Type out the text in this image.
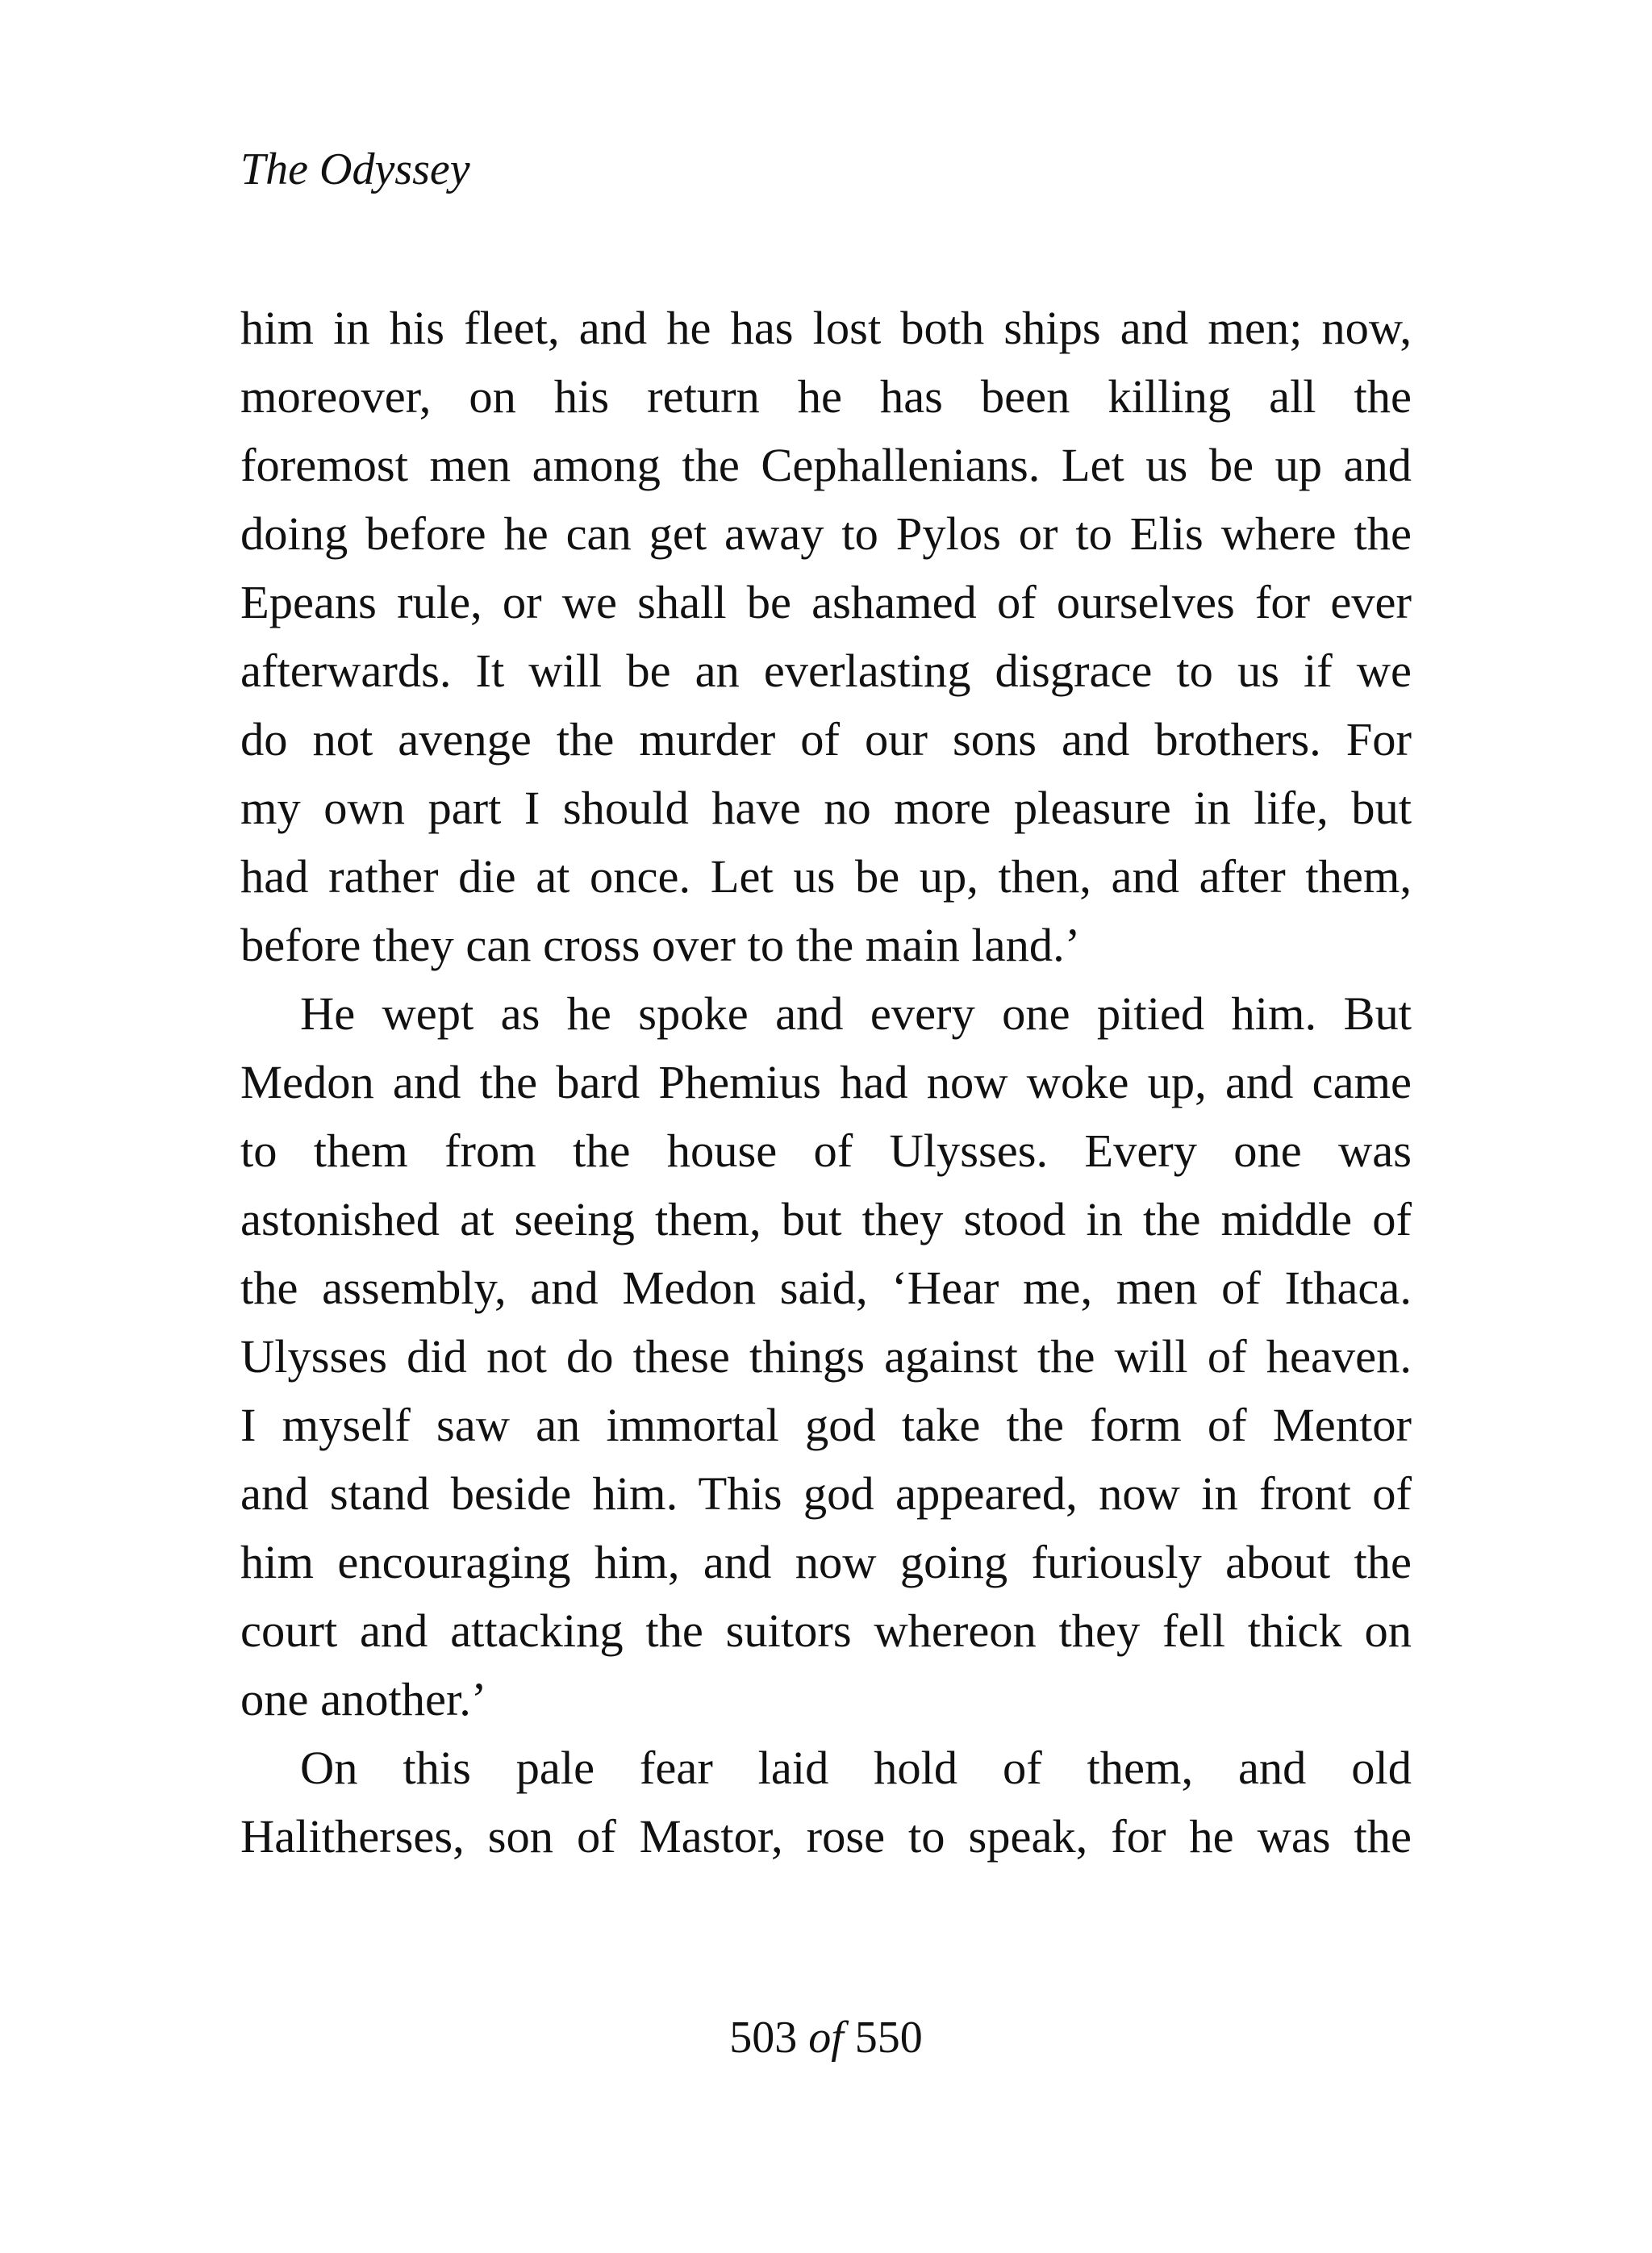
The Odyssey
him in his fleet, and he has lost both ships and men; now,
moreover, on his return he has been killing all the
foremost men among the Cephallenians. Let us be up and
doing before he can get away to Pylos or to Elis where the
Epeans rule, or we shall be ashamed of ourselves for ever
afterwards. It will be an everlasting disgrace to us if we
do not avenge the murder of our sons and brothers. For
my own part I should have no more pleasure in life, but
had rather die at once. Let us be up, then, and after them,
before they can cross over to the main land.’
He wept as he spoke and every one pitied him. But
Medon and the bard Phemius had now woke up, and came
to them from the house of Ulysses. Every one was
astonished at seeing them, but they stood in the middle of
the assembly, and Medon said, ‘Hear me, men of Ithaca.
Ulysses did not do these things against the will of heaven.
I myself saw an immortal god take the form of Mentor
and stand beside him. This god appeared, now in front of
him encouraging him, and now going furiously about the
court and attacking the suitors whereon they fell thick on
one another.’
On this pale fear laid hold of them, and old
Halitherses, son of Mastor, rose to speak, for he was the
503 of 550
